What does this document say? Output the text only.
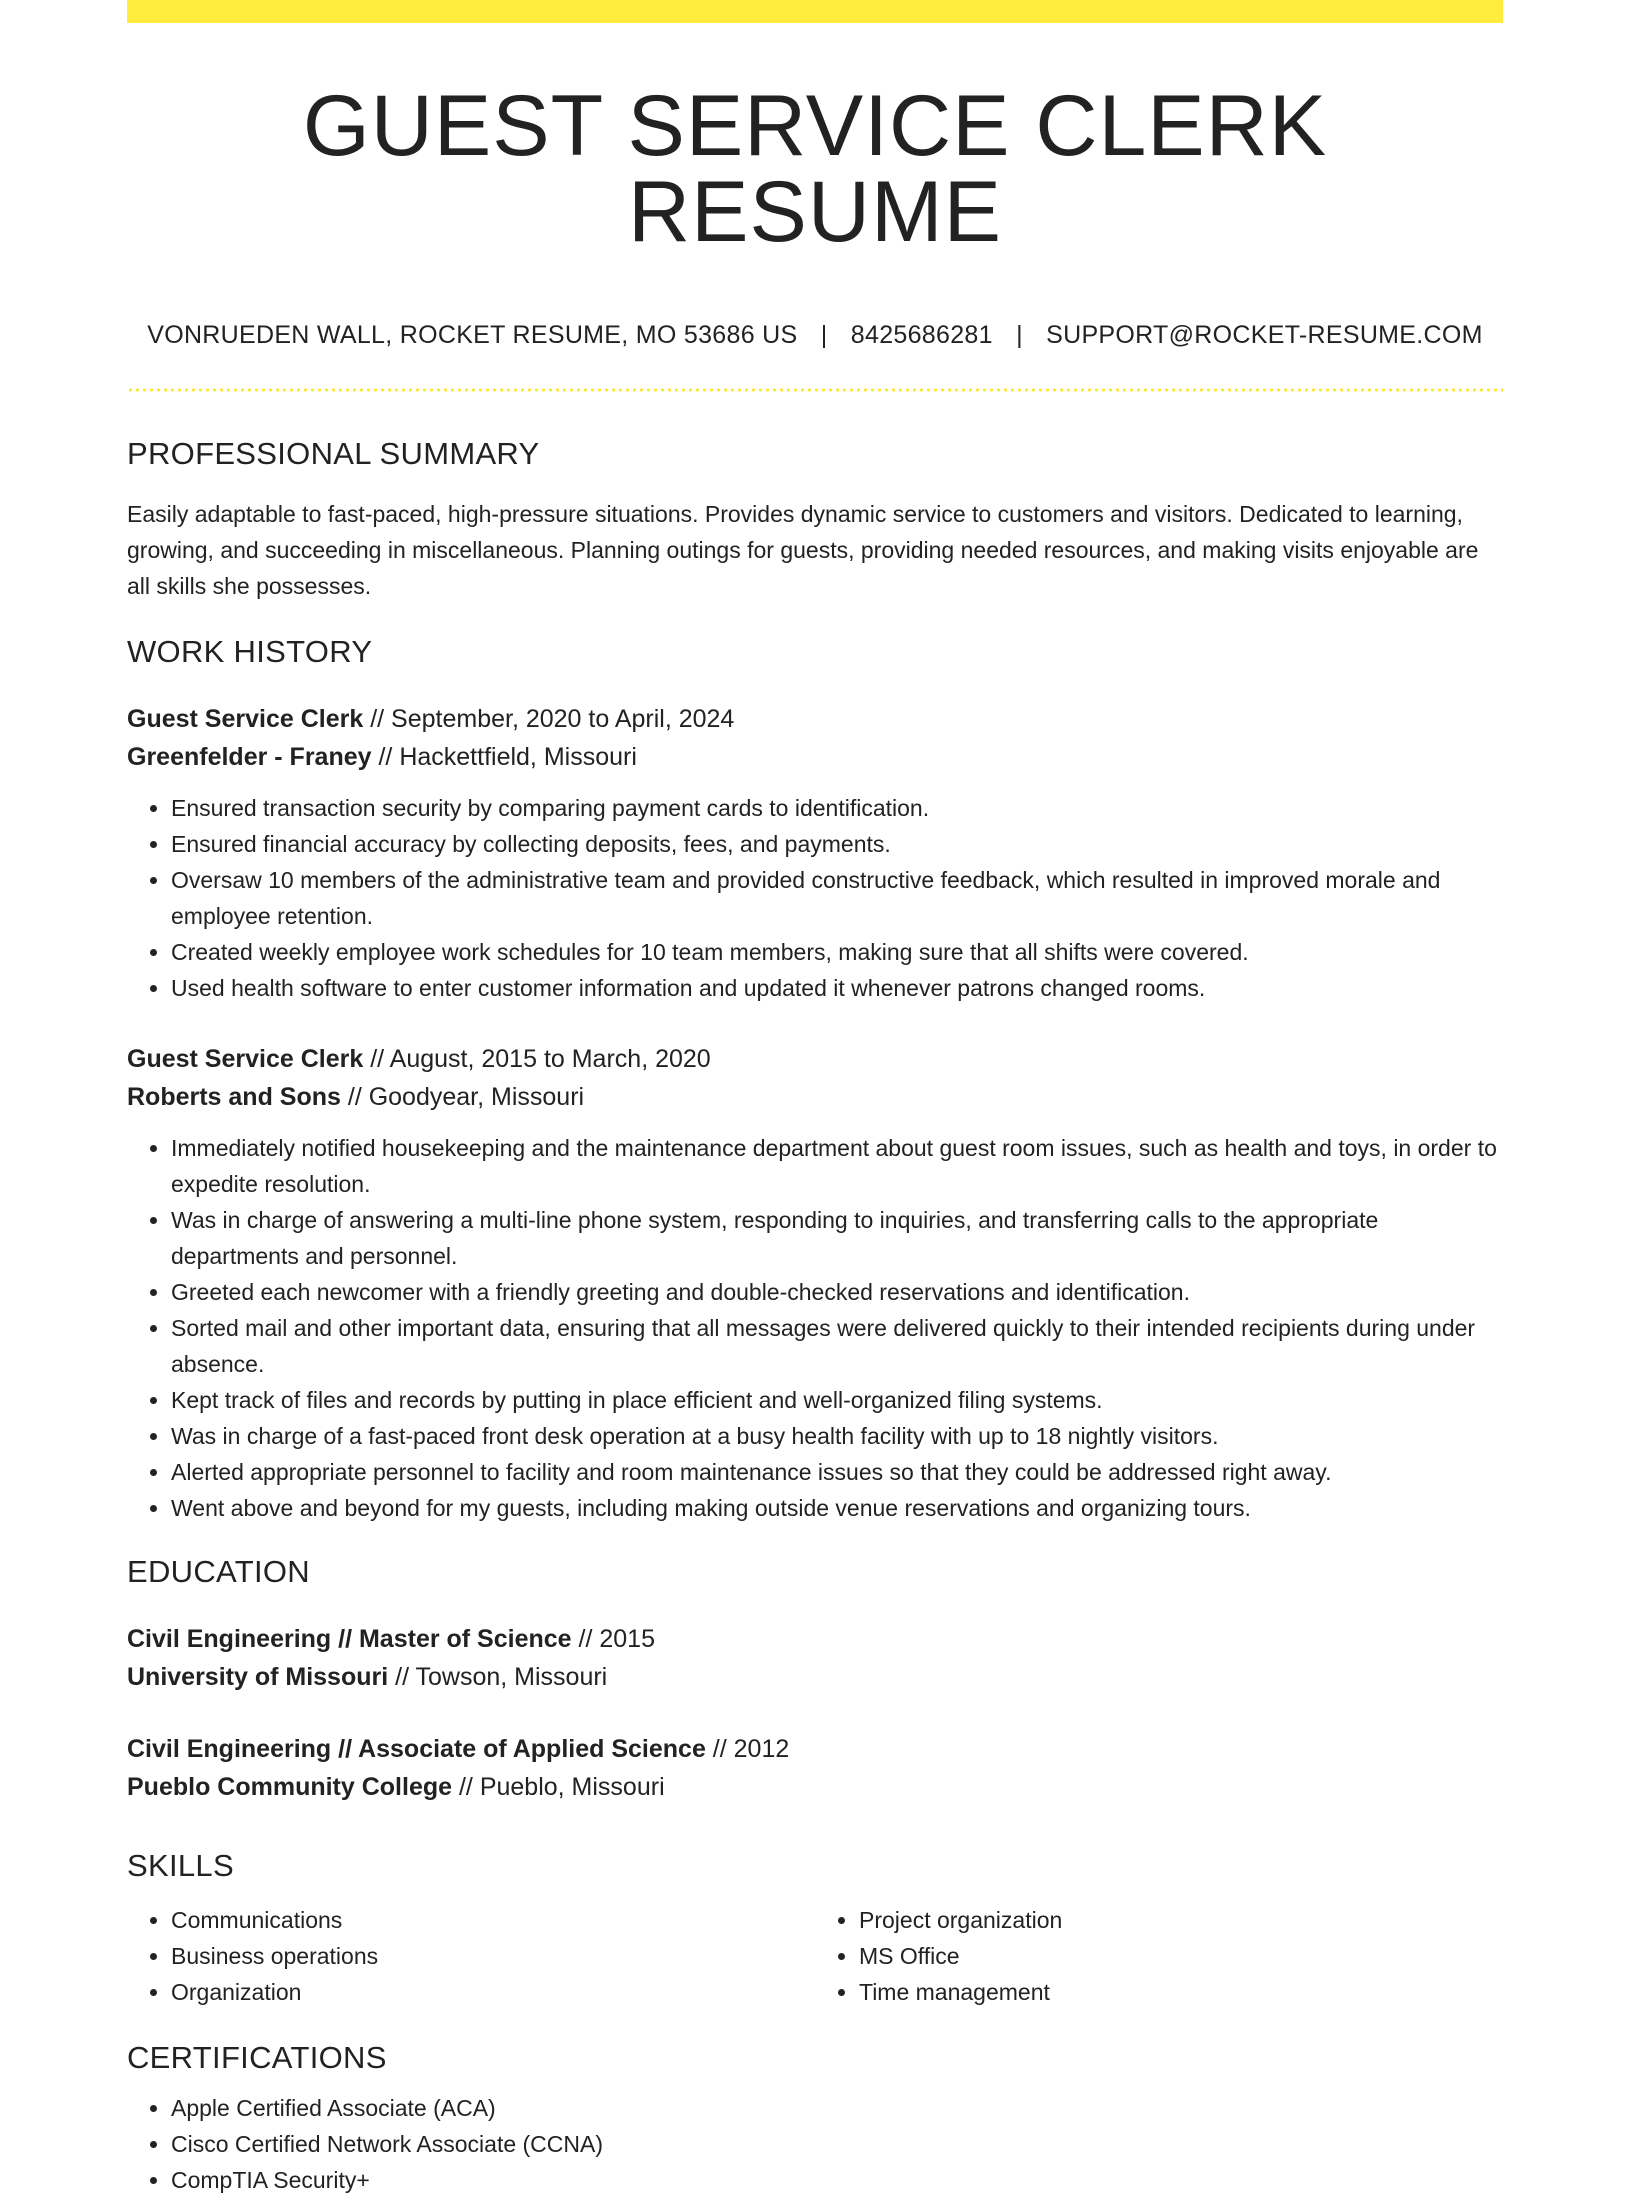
GUEST SERVICE CLERK RESUME
VONRUEDEN WALL, ROCKET RESUME, MO 53686 US | 8425686281 | SUPPORT@ROCKET-RESUME.COM
PROFESSIONAL SUMMARY
Easily adaptable to fast-paced, high-pressure situations. Provides dynamic service to customers and visitors. Dedicated to learning, growing, and succeeding in miscellaneous. Planning outings for guests, providing needed resources, and making visits enjoyable are all skills she possesses.
WORK HISTORY
Guest Service Clerk // September, 2020 to April, 2024
Greenfelder - Franey // Hackettfield, Missouri
• Ensured transaction security by comparing payment cards to identification.
• Ensured financial accuracy by collecting deposits, fees, and payments.
• Oversaw 10 members of the administrative team and provided constructive feedback, which resulted in improved morale and employee retention.
• Created weekly employee work schedules for 10 team members, making sure that all shifts were covered.
• Used health software to enter customer information and updated it whenever patrons changed rooms.
Guest Service Clerk // August, 2015 to March, 2020
Roberts and Sons // Goodyear, Missouri
• Immediately notified housekeeping and the maintenance department about guest room issues, such as health and toys, in order to expedite resolution.
• Was in charge of answering a multi-line phone system, responding to inquiries, and transferring calls to the appropriate departments and personnel.
• Greeted each newcomer with a friendly greeting and double-checked reservations and identification.
• Sorted mail and other important data, ensuring that all messages were delivered quickly to their intended recipients during under absence.
• Kept track of files and records by putting in place efficient and well-organized filing systems.
• Was in charge of a fast-paced front desk operation at a busy health facility with up to 18 nightly visitors.
• Alerted appropriate personnel to facility and room maintenance issues so that they could be addressed right away.
• Went above and beyond for my guests, including making outside venue reservations and organizing tours.
EDUCATION
Civil Engineering // Master of Science // 2015
University of Missouri // Towson, Missouri
Civil Engineering // Associate of Applied Science // 2012
Pueblo Community College // Pueblo, Missouri
SKILLS
• Communications
• Business operations
• Organization
• Project organization
• MS Office
• Time management
CERTIFICATIONS
• Apple Certified Associate (ACA)
• Cisco Certified Network Associate (CCNA)
• CompTIA Security+
